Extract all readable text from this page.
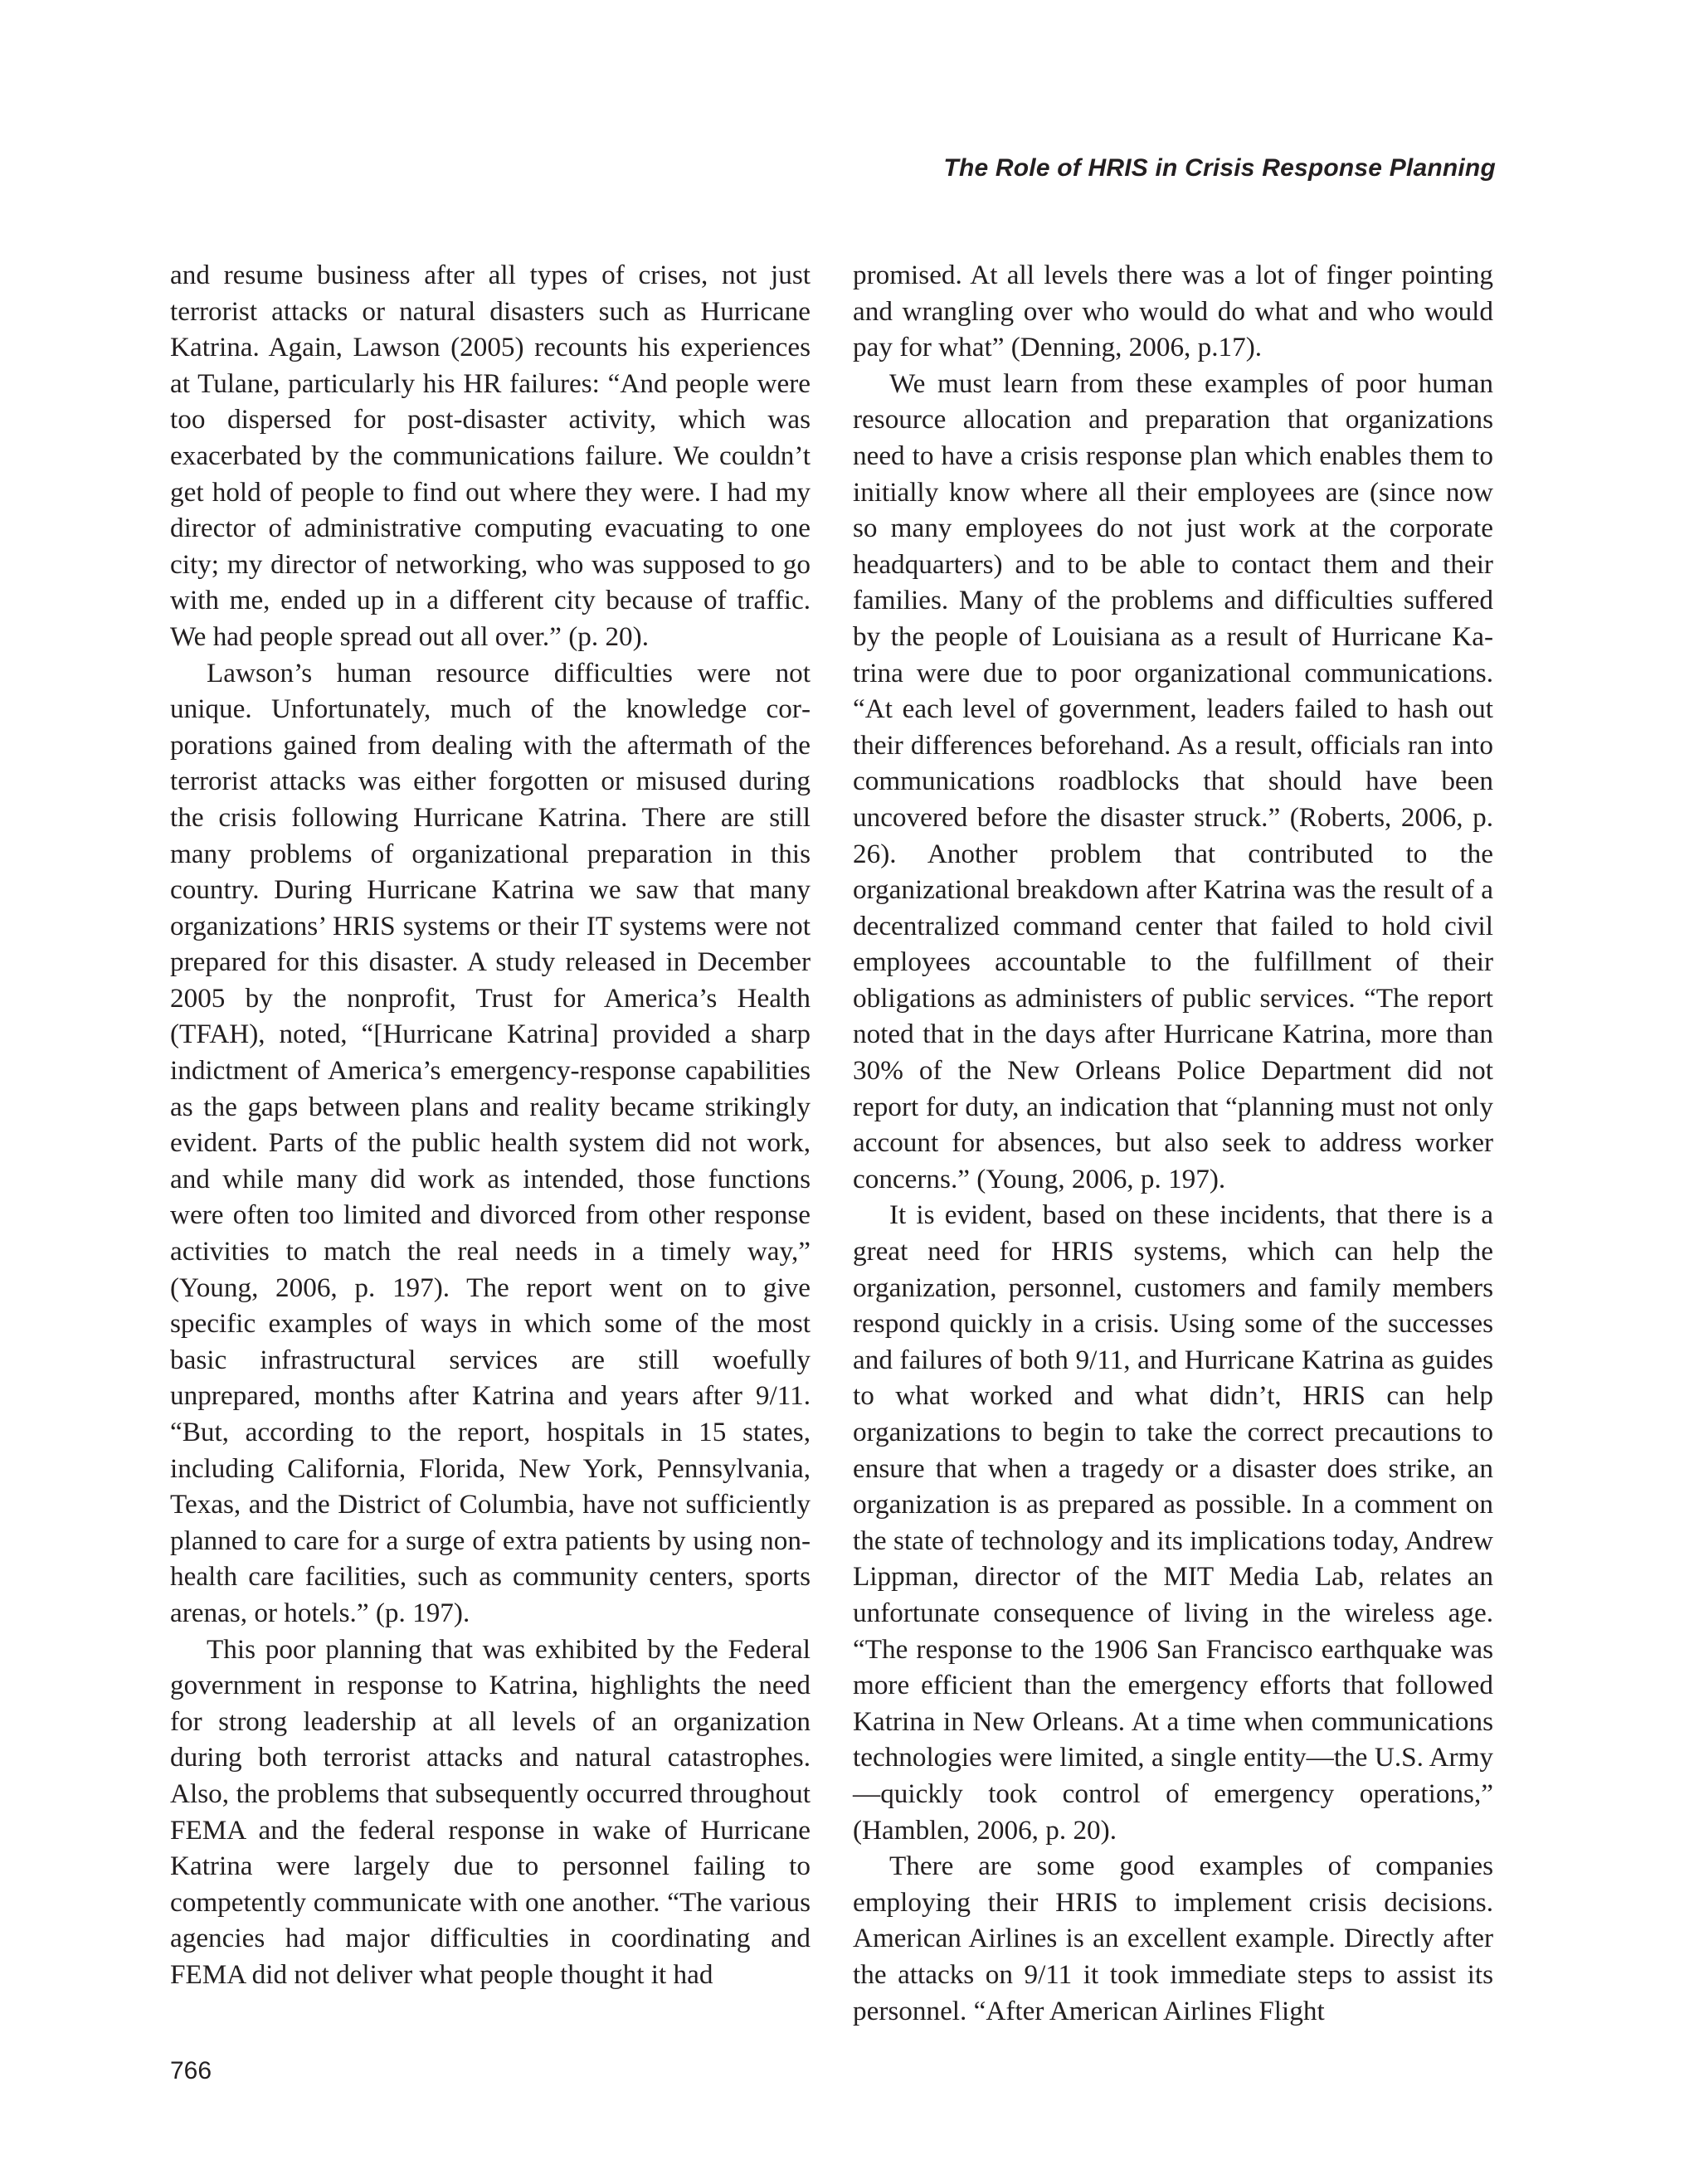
The Role of HRIS in Crisis Response Planning

and resume business after all types of crises, not just terrorist attacks or natural disasters such as Hurricane Katrina. Again, Lawson (2005) recounts his experiences at Tulane, particularly his HR failures: “And people were too dispersed for post-disaster activity, which was exacerbated by the communications failure. We couldn’t get hold of people to find out where they were. I had my director of administrative computing evacuating to one city; my director of networking, who was supposed to go with me, ended up in a different city because of traffic. We had people spread out all over.” (p. 20).

Lawson’s human resource difficulties were not unique. Unfortunately, much of the knowledge corporations gained from dealing with the aftermath of the terrorist attacks was either forgotten or misused during the crisis following Hurricane Katrina. There are still many problems of organizational preparation in this country. During Hurricane Katrina we saw that many organizations’ HRIS systems or their IT systems were not prepared for this disaster. A study released in December 2005 by the nonprofit, Trust for America’s Health (TFAH), noted, “[Hurricane Katrina] provided a sharp indictment of America’s emergency-response capabilities as the gaps between plans and reality became strikingly evident. Parts of the public health system did not work, and while many did work as intended, those functions were often too limited and divorced from other response activities to match the real needs in a timely way,” (Young, 2006, p. 197). The report went on to give specific examples of ways in which some of the most basic infrastructural services are still woefully unprepared, months after Katrina and years after 9/11. “But, according to the report, hospitals in 15 states, including California, Florida, New York, Pennsylvania, Texas, and the District of Columbia, have not sufficiently planned to care for a surge of extra patients by using non-health care facilities, such as community centers, sports arenas, or hotels.” (p. 197).

This poor planning that was exhibited by the Federal government in response to Katrina, highlights the need for strong leadership at all levels of an organization during both terrorist attacks and natural catastrophes. Also, the problems that subsequently occurred throughout FEMA and the federal response in wake of Hurricane Katrina were largely due to personnel failing to competently communicate with one another. “The various agencies had major difficulties in coordinating and FEMA did not deliver what people thought it had

promised. At all levels there was a lot of finger pointing and wrangling over who would do what and who would pay for what” (Denning, 2006, p.17).

We must learn from these examples of poor human resource allocation and preparation that organizations need to have a crisis response plan which enables them to initially know where all their employees are (since now so many employees do not just work at the corporate headquarters) and to be able to contact them and their families. Many of the problems and difficulties suffered by the people of Louisiana as a result of Hurricane Katrina were due to poor organizational communications. “At each level of government, leaders failed to hash out their differences beforehand. As a result, officials ran into communications roadblocks that should have been uncovered before the disaster struck.” (Roberts, 2006, p. 26). Another problem that contributed to the organizational breakdown after Katrina was the result of a decentralized command center that failed to hold civil employees accountable to the fulfillment of their obligations as administers of public services. “The report noted that in the days after Hurricane Katrina, more than 30% of the New Orleans Police Department did not report for duty, an indication that “planning must not only account for absences, but also seek to address worker concerns.” (Young, 2006, p. 197).

It is evident, based on these incidents, that there is a great need for HRIS systems, which can help the organization, personnel, customers and family members respond quickly in a crisis. Using some of the successes and failures of both 9/11, and Hurricane Katrina as guides to what worked and what didn’t, HRIS can help organizations to begin to take the correct precautions to ensure that when a tragedy or a disaster does strike, an organization is as prepared as possible. In a comment on the state of technology and its implications today, Andrew Lippman, director of the MIT Media Lab, relates an unfortunate consequence of living in the wireless age. “The response to the 1906 San Francisco earthquake was more efficient than the emergency efforts that followed Katrina in New Orleans. At a time when communications technologies were limited, a single entity—the U.S. Army—quickly took control of emergency operations,” (Hamblen, 2006, p. 20).

There are some good examples of companies employing their HRIS to implement crisis decisions. American Airlines is an excellent example. Directly after the attacks on 9/11 it took immediate steps to assist its personnel. “After American Airlines Flight

766
